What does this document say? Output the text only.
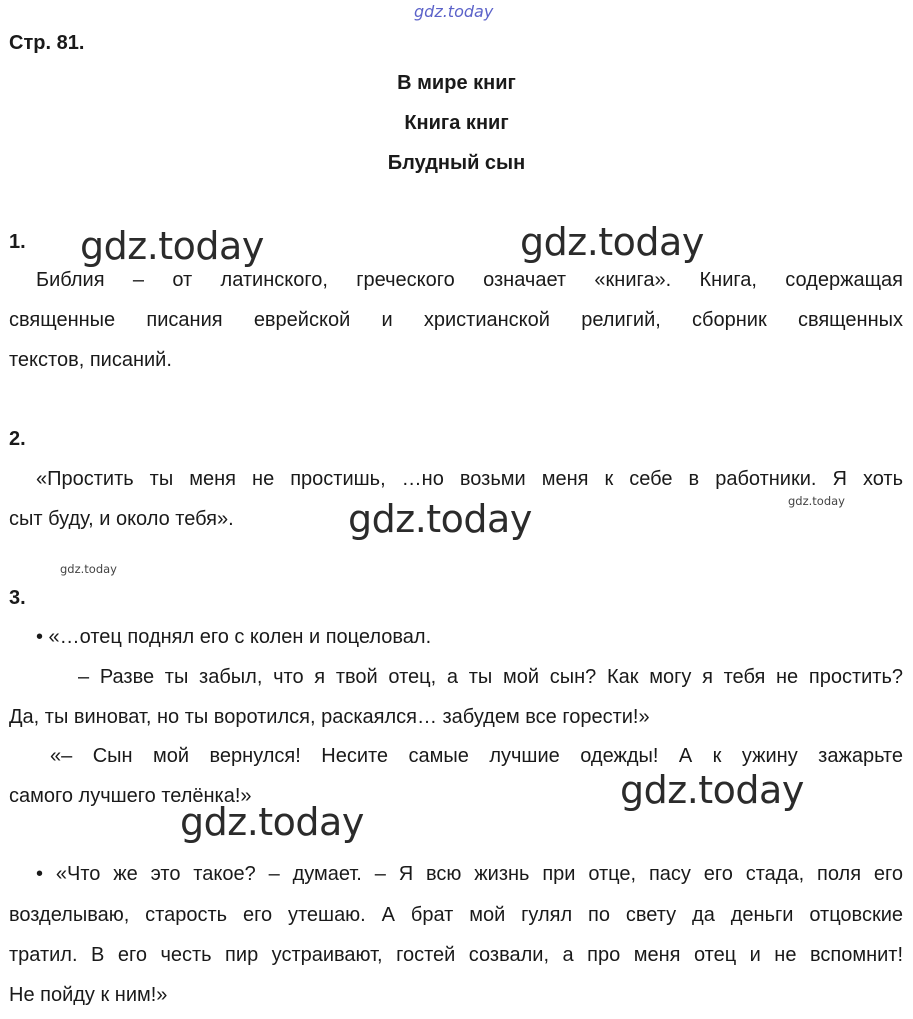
gdz.today
Стр. 81.
В мире книг
Книга книг
Блудный сын
1.
Библия – от латинского, греческого означает «книга». Книга, содержащая
священные писания еврейской и христианской религий, сборник священных
текстов, писаний.
2.
«Простить ты меня не простишь, …но возьми меня к себе в работники. Я хоть
сыт буду, и около тебя».
3.
• «…отец поднял его с колен и поцеловал.
– Разве ты забыл, что я твой отец, а ты мой сын? Как могу я тебя не простить?
Да, ты виноват, но ты воротился, раскаялся… забудем все горести!»
«– Сын мой вернулся! Несите самые лучшие одежды! А к ужину зажарьте
самого лучшего телёнка!»
• «Что же это такое? – думает. – Я всю жизнь при отце, пасу его стада, поля его
возделываю, старость его утешаю. А брат мой гулял по свету да деньги отцовские
тратил. В его честь пир устраивают, гостей созвали, а про меня отец и не вспомнит!
Не пойду к ним!»
gdz.today	gdz.today
gdz.today
gdz.today
gdz.today
gdz.today
gdz.today
